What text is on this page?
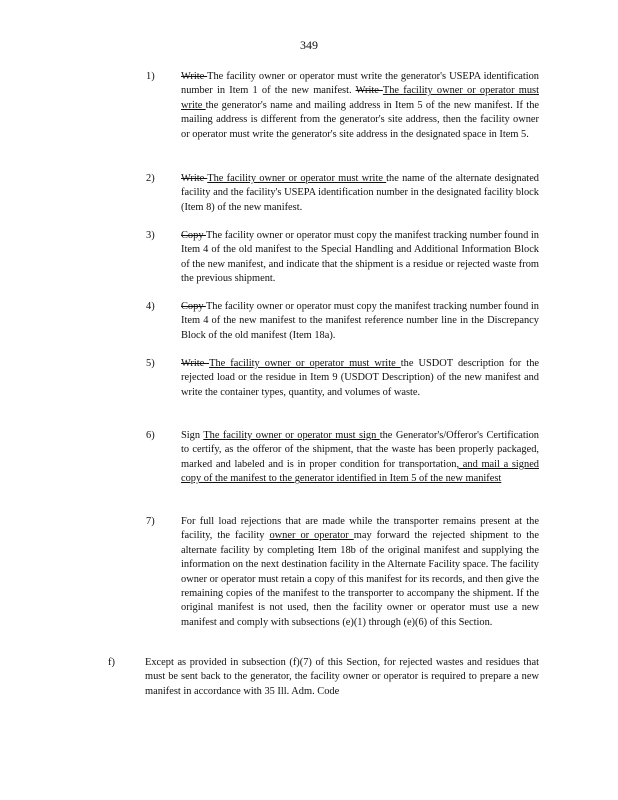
349
1)	Write The facility owner or operator must write the generator's USEPA identification number in Item 1 of the new manifest. Write The facility owner or operator must write the generator's name and mailing address in Item 5 of the new manifest. If the mailing address is different from the generator's site address, then the facility owner or operator must write the generator's site address in the designated space in Item 5.
2)	Write The facility owner or operator must write the name of the alternate designated facility and the facility's USEPA identification number in the designated facility block (Item 8) of the new manifest.
3)	Copy The facility owner or operator must copy the manifest tracking number found in Item 4 of the old manifest to the Special Handling and Additional Information Block of the new manifest, and indicate that the shipment is a residue or rejected waste from the previous shipment.
4)	Copy The facility owner or operator must copy the manifest tracking number found in Item 4 of the new manifest to the manifest reference number line in the Discrepancy Block of the old manifest (Item 18a).
5)	Write The facility owner or operator must write the USDOT description for the rejected load or the residue in Item 9 (USDOT Description) of the new manifest and write the container types, quantity, and volumes of waste.
6)	Sign The facility owner or operator must sign the Generator's/Offeror's Certification to certify, as the offeror of the shipment, that the waste has been properly packaged, marked and labeled and is in proper condition for transportation, and mail a signed copy of the manifest to the generator identified in Item 5 of the new manifest
7)	For full load rejections that are made while the transporter remains present at the facility, the facility owner or operator may forward the rejected shipment to the alternate facility by completing Item 18b of the original manifest and supplying the information on the next destination facility in the Alternate Facility space. The facility owner or operator must retain a copy of this manifest for its records, and then give the remaining copies of the manifest to the transporter to accompany the shipment. If the original manifest is not used, then the facility owner or operator must use a new manifest and comply with subsections (e)(1) through (e)(6) of this Section.
f)	Except as provided in subsection (f)(7) of this Section, for rejected wastes and residues that must be sent back to the generator, the facility owner or operator is required to prepare a new manifest in accordance with 35 Ill. Adm. Code
